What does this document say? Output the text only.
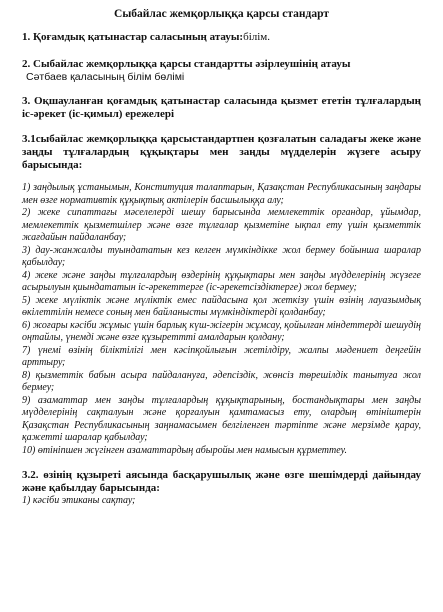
Сыбайлас жемқорлыққа қарсы стандарт

1. Қоғамдық қатынастар саласының атауы:білім.

2. Сыбайлас жемқорлыққа қарсы стандартты әзірлеушінің атауы

Сәтбаев қаласының білім бөлімі

3. Оқшауланған қоғамдық қатынастар саласында қызмет ететін тұлғалардың іс-әрекет (іс-қимыл) ережелері

3.1сыбайлас жемқорлыққа қарсыстандартпен қозғалатын саладағы жеке және заңды тұлғалардың құқықтары мен заңды мүдделерін жүзеге асыру барысында:

1) заңдылық ұстанымын, Конституция талаптарын, Қазақстан Республикасының заңдары мен өзге нормативтік құқықтық актілерін басшылыққа алу;
2) жеке сипаттағы мәселелерді шешу барысында мемлекеттік органдар, ұйымдар, мемлекеттік қызметшілер және өзге тұлғалар қызметіне ықпал ету үшін қызметтік жағдайын пайдаланбау;
3) дау-жанжалды туындататын кез келген мүмкіндікке жол бермеу бойынша шаралар қабылдау;
4) жеке және заңды тұлғалардың өздерінің құқықтары мен заңды мүдделерінің жүзеге асырылуын қиындататын іс-әрекеттерге (іс-әрекетсіздіктерге) жол бермеу;
5) жеке мүліктік және мүліктік емес пайдасына қол жеткізу үшін өзінің лауазымдық өкілеттілін немесе соның мен байланысты мүмкіндіктерді қолданбау;
6) жоғары кәсіби жұмыс үшін барлық күш-жігерін жұмсау, қойылған міндеттерді шешудің оңтайлы, үнемді және өзге құзыреттті амалдарын қолдану;
7) үнемі өзінің біліктілігі мен кәсіпқойлығын жетілдіру, жалпы мәдениет деңгейін арттыру;
8) қызметтік бабын асыра пайдалануға, әдепсіздік, жөнсіз төрешілдік танытуға жол бермеу;
9) азаматтар мен заңды тұлғалардың құқықтарының, бостандықтары мен заңды мүдделерінің сақталуын және қорғалуын қамтамасыз ету, олардың өтініштерін Қазақстан Республикасының заңнамасымен белгіленген тәртіпте және мерзімде қарау, қажетті шаралар қабылдау;
10) өтініпшен жүгінген азаматтардың абыройы мен намысын құрметтеу.

3.2. өзінің құзыреті аясында басқарушылық және өзге шешімдерді дайындау және қабылдау барысында:

1) кәсіби этиканы сақтау;
